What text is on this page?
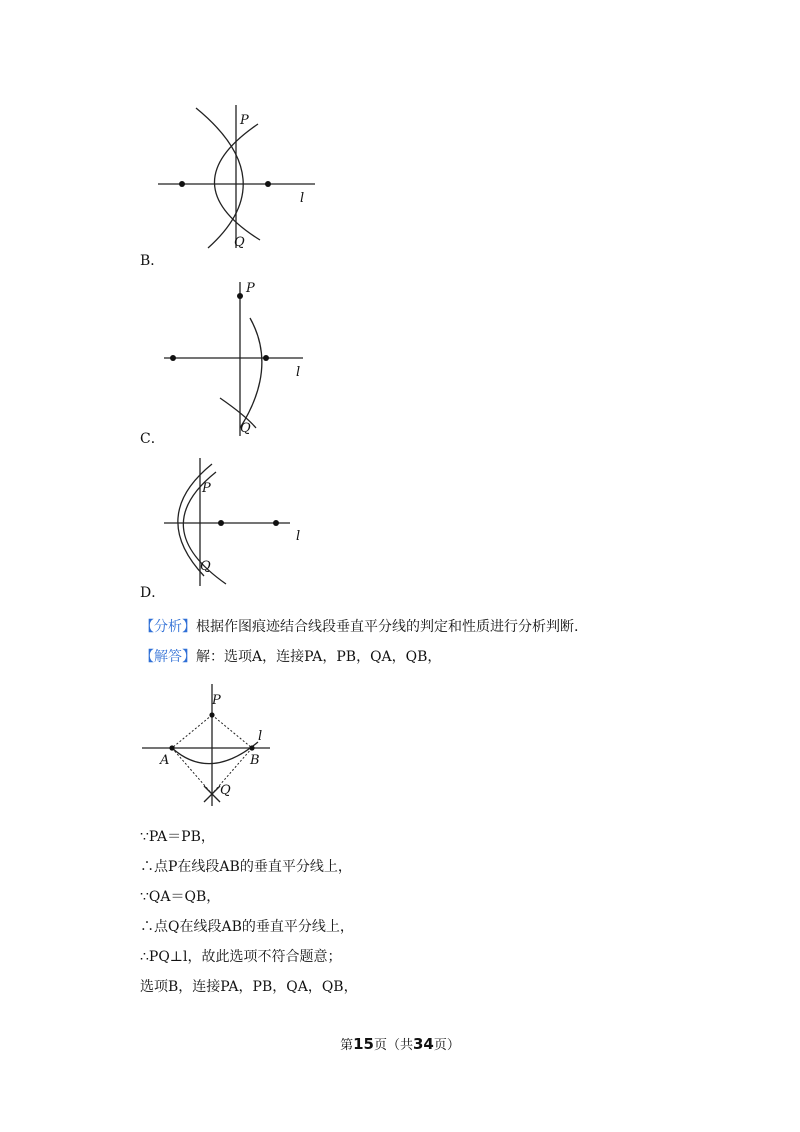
P
Q
l
B．
P
Q
l
C．
P
Q
l
D．
【分析】根据作图痕迹结合线段垂直平分线的判定和性质进行分析判断.
【解答】解：选项A，连接PA，PB，QA，QB，
P
A	B
Q
l
∵PA＝PB，
∴点P在线段AB的垂直平分线上，
∵QA＝QB，
∴点Q在线段AB的垂直平分线上，
∴PQ⊥l，故此选项不符合题意；
选项B，连接PA，PB，QA，QB，
第15页（共34页）
